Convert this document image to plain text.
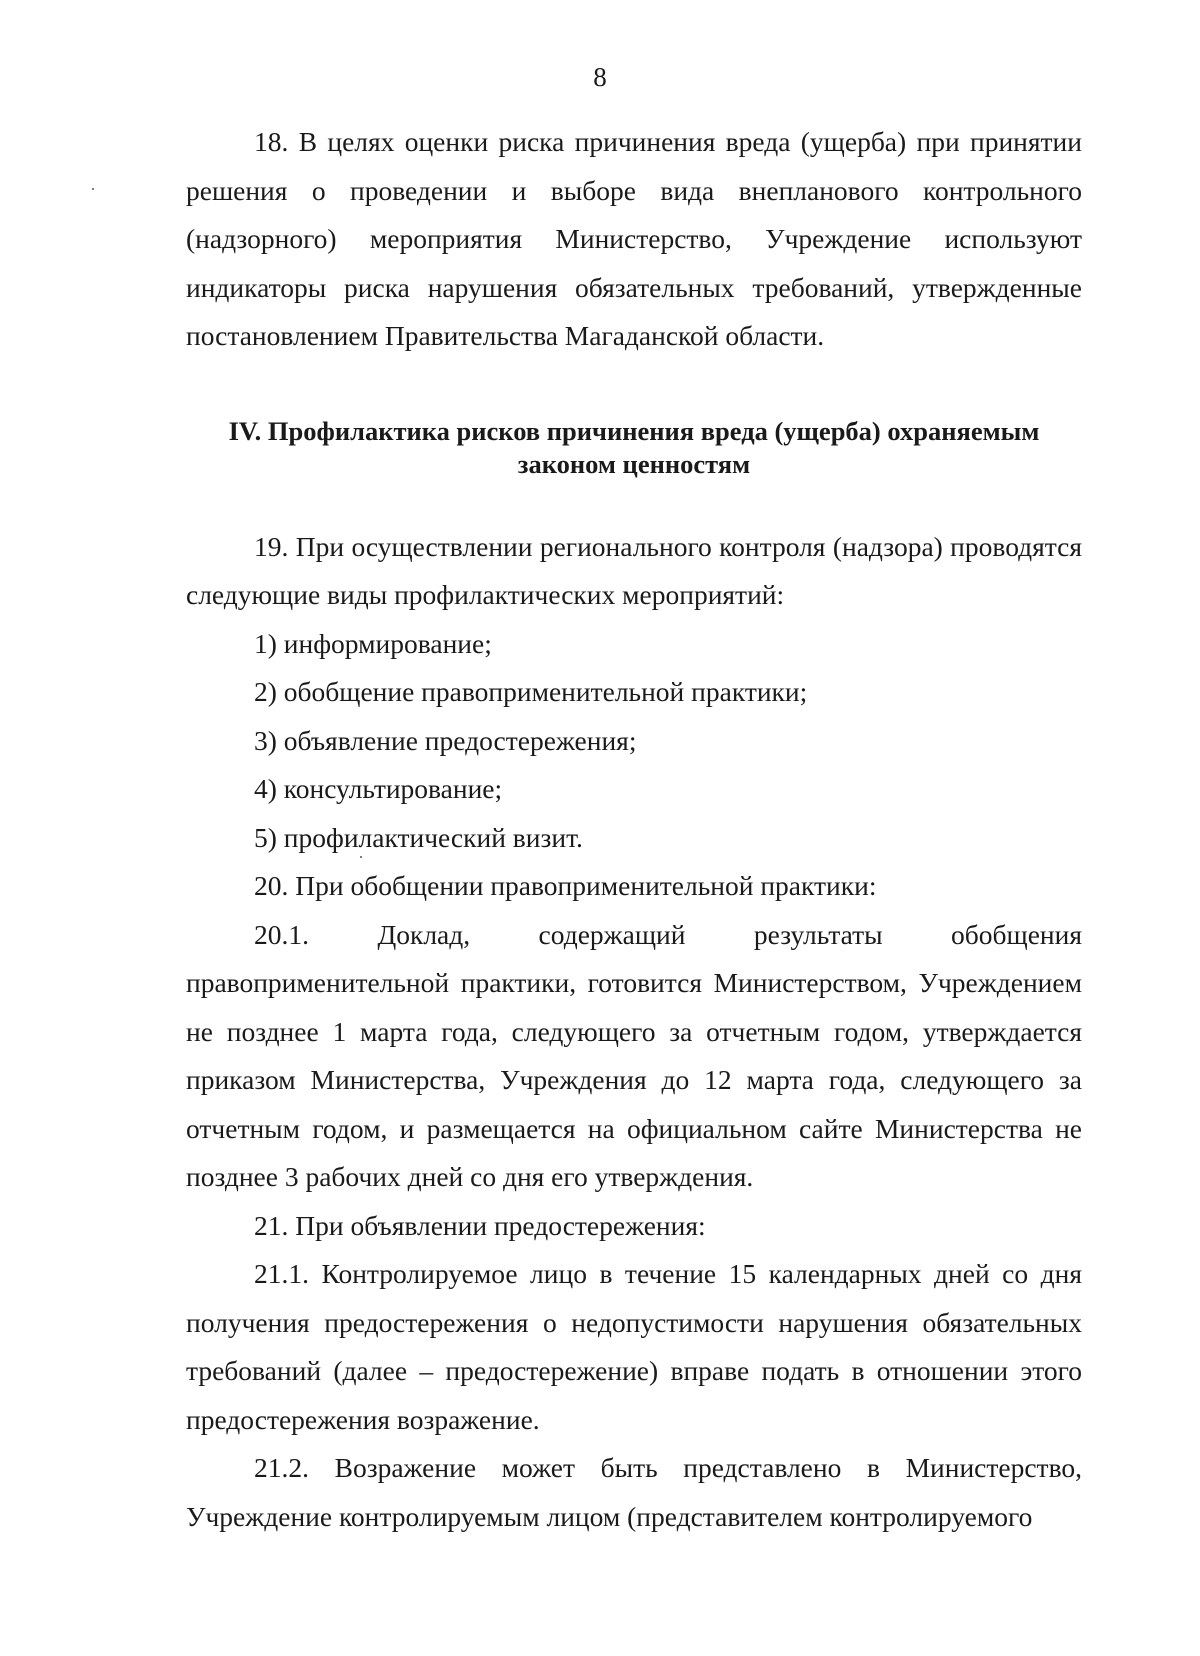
8

18. В целях оценки риска причинения вреда (ущерба) при принятии решения о проведении и выборе вида внепланового контрольного (надзорного) мероприятия Министерство, Учреждение используют индикаторы риска нарушения обязательных требований, утвержденные постановлением Правительства Магаданской области.

IV. Профилактика рисков причинения вреда (ущерба) охраняемым
законом ценностям

19. При осуществлении регионального контроля (надзора) проводятся следующие виды профилактических мероприятий:

1) информирование;

2) обобщение правоприменительной практики;

3) объявление предостережения;

4) консультирование;

5) профилактический визит.

20. При обобщении правоприменительной практики:

20.1. Доклад, содержащий результаты обобщения правоприменительной практики, готовится Министерством, Учреждением не позднее 1 марта года, следующего за отчетным годом, утверждается приказом Министерства, Учреждения до 12 марта года, следующего за отчетным годом, и размещается на официальном сайте Министерства не позднее 3 рабочих дней со дня его утверждения.

21. При объявлении предостережения:

21.1. Контролируемое лицо в течение 15 календарных дней со дня получения предостережения о недопустимости нарушения обязательных требований (далее – предостережение) вправе подать в отношении этого предостережения возражение.

21.2. Возражение может быть представлено в Министерство, Учреждение контролируемым лицом (представителем контролируемого
